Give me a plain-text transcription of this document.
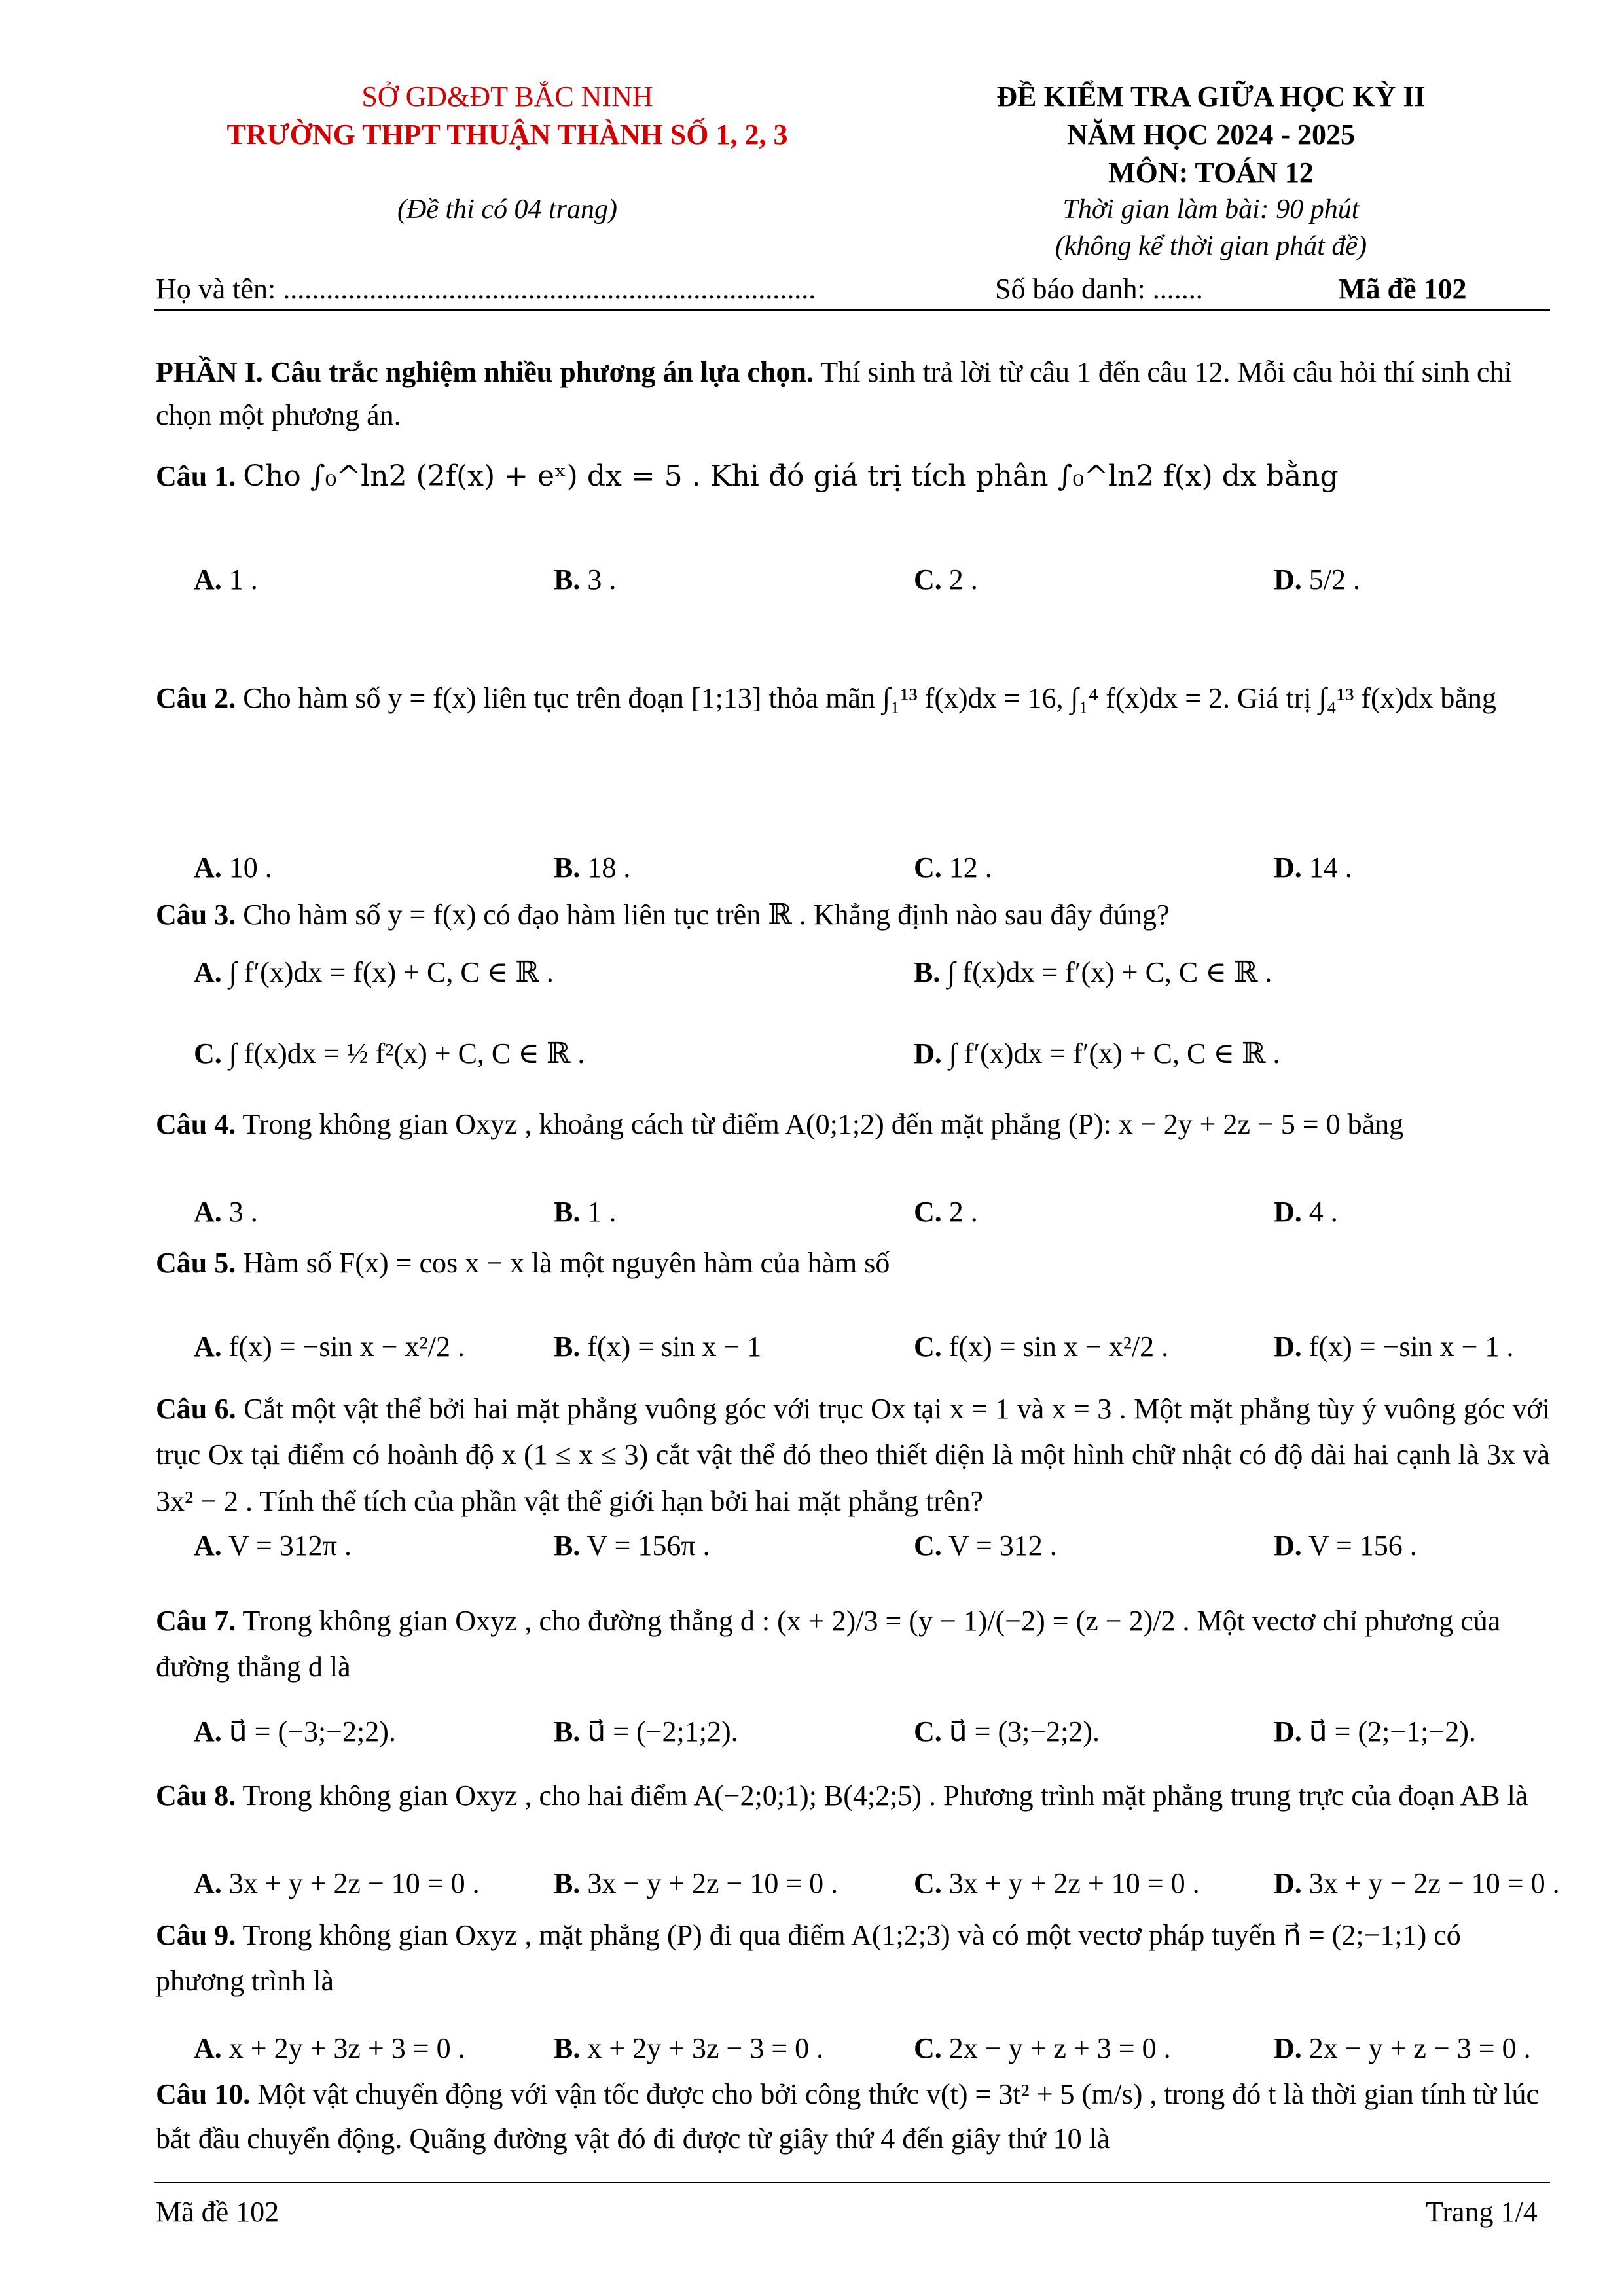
SỞ GD&ĐT BẮC NINH
TRƯỜNG THPT THUẬN THÀNH SỐ 1, 2, 3
(Đề thi có 04 trang)
ĐỀ KIỂM TRA GIỮA HỌC KỲ II
NĂM HỌC 2024 - 2025
MÔN: TOÁN 12
Thời gian làm bài: 90 phút
(không kể thời gian phát đề)
Họ và tên: ..........................................................................	Số báo danh: .......	Mã đề 102
PHẦN I. Câu trắc nghiệm nhiều phương án lựa chọn. Thí sinh trả lời từ câu 1 đến câu 12. Mỗi câu hỏi thí sinh chỉ chọn một phương án.
Câu 1. Cho ∫₀^ln2 (2f(x) + eˣ) dx = 5 . Khi đó giá trị tích phân ∫₀^ln2 f(x) dx bằng
A. 1 .	B. 3 .	C. 2 .	D. 5/2 .
Câu 2. Cho hàm số y = f(x) liên tục trên đoạn [1;13] thỏa mãn ∫₁¹³ f(x)dx = 16, ∫₁⁴ f(x)dx = 2. Giá trị ∫₄¹³ f(x)dx bằng
A. 10 .	B. 18 .	C. 12 .	D. 14 .
Câu 3. Cho hàm số y = f(x) có đạo hàm liên tục trên ℝ . Khẳng định nào sau đây đúng?
A. ∫ f′(x)dx = f(x) + C, C ∈ ℝ .	B. ∫ f(x)dx = f′(x) + C, C ∈ ℝ .
C. ∫ f(x)dx = ½ f²(x) + C, C ∈ ℝ .	D. ∫ f′(x)dx = f′(x) + C, C ∈ ℝ .
Câu 4. Trong không gian Oxyz , khoảng cách từ điểm A(0;1;2) đến mặt phẳng (P): x − 2y + 2z − 5 = 0 bằng
A. 3 .	B. 1 .	C. 2 .	D. 4 .
Câu 5. Hàm số F(x) = cos x − x là một nguyên hàm của hàm số
A. f(x) = −sin x − x²/2 .	B. f(x) = sin x − 1	C. f(x) = sin x − x²/2 .	D. f(x) = −sin x − 1 .
Câu 6. Cắt một vật thể bởi hai mặt phẳng vuông góc với trục Ox tại x = 1 và x = 3 . Một mặt phẳng tùy ý vuông góc với trục Ox tại điểm có hoành độ x (1 ≤ x ≤ 3) cắt vật thể đó theo thiết diện là một hình chữ nhật có độ dài hai cạnh là 3x và 3x² − 2 . Tính thể tích của phần vật thể giới hạn bởi hai mặt phẳng trên?
A. V = 312π .	B. V = 156π .	C. V = 312 .	D. V = 156 .
Câu 7. Trong không gian Oxyz , cho đường thẳng d : (x + 2)/3 = (y − 1)/(−2) = (z − 2)/2 . Một vectơ chỉ phương của đường thẳng d là
A. u⃗ = (−3;−2;2).	B. u⃗ = (−2;1;2).	C. u⃗ = (3;−2;2).	D. u⃗ = (2;−1;−2).
Câu 8. Trong không gian Oxyz , cho hai điểm A(−2;0;1); B(4;2;5) . Phương trình mặt phẳng trung trực của đoạn AB là
A. 3x + y + 2z − 10 = 0 .	B. 3x − y + 2z − 10 = 0 .	C. 3x + y + 2z + 10 = 0 .	D. 3x + y − 2z − 10 = 0 .
Câu 9. Trong không gian Oxyz , mặt phẳng (P) đi qua điểm A(1;2;3) và có một vectơ pháp tuyến n⃗ = (2;−1;1) có phương trình là
A. x + 2y + 3z + 3 = 0 .	B. x + 2y + 3z − 3 = 0 .	C. 2x − y + z + 3 = 0 .	D. 2x − y + z − 3 = 0 .
Câu 10. Một vật chuyển động với vận tốc được cho bởi công thức v(t) = 3t² + 5 (m/s) , trong đó t là thời gian tính từ lúc bắt đầu chuyển động. Quãng đường vật đó đi được từ giây thứ 4 đến giây thứ 10 là
Mã đề 102	Trang 1/4
